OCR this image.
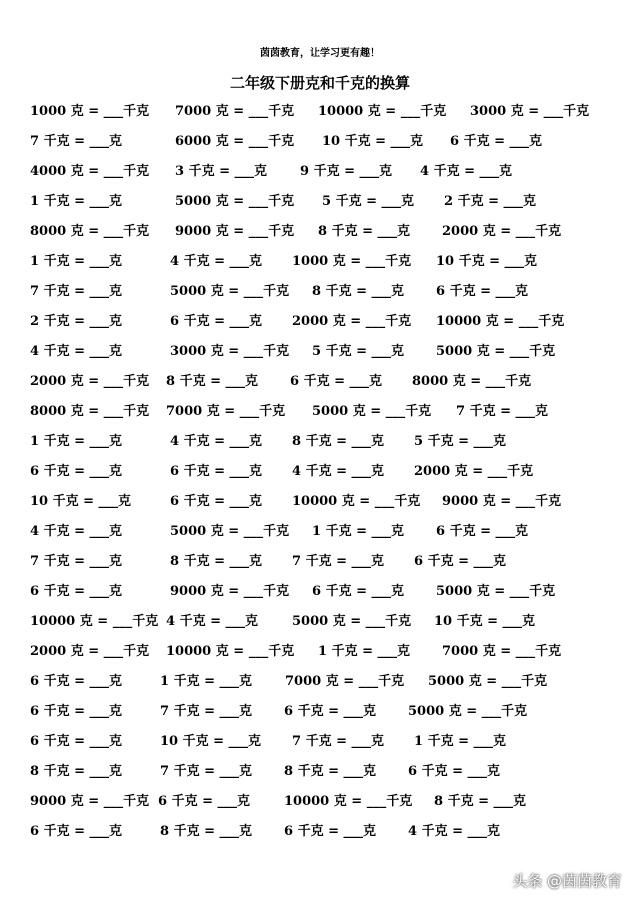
茵茵教育，让学习更有趣！
二年级下册克和千克的换算
1000 克 = ___千克 7000 克 = ___千克 10000 克 = ___千克 3000 克 = ___千克
7 千克 = ___克	6000 克 = ___千克 10 千克 = ___克 6 千克 = ___克
4000 克 = ___千克 3 千克 = ___克	9 千克 = ___克 4 千克 = ___克
1 千克 = ___克	5000 克 = ___千克 5 千克 = ___克 2 千克 = ___克
8000 克 = ___千克 9000 克 = ___千克 8 千克 = ___克 2000 克 = ___千克
1 千克 = ___克	4 千克 = ___克 1000 克 = ___千克 10 千克 = ___克
7 千克 = ___克	5000 克 = ___千克 8 千克 = ___克 6 千克 = ___克
2 千克 = ___克	6 千克 = ___克 2000 克 = ___千克 10000 克 = ___千克
4 千克 = ___克	3000 克 = ___千克 5 千克 = ___克 5000 克 = ___千克
2000 克 = ___千克 8 千克 = ___克 6 千克 = ___克 8000 克 = ___千克
8000 克 = ___千克 7000 克 = ___千克 5000 克 = ___千克 7 千克 = ___克
1 千克 = ___克	4 千克 = ___克 8 千克 = ___克 5 千克 = ___克
6 千克 = ___克	6 千克 = ___克 4 千克 = ___克 2000 克 = ___千克
10 千克 = ___克	6 千克 = ___克 10000 克 = ___千克 9000 克 = ___千克
4 千克 = ___克	5000 克 = ___千克 1 千克 = ___克 6 千克 = ___克
7 千克 = ___克	8 千克 = ___克 7 千克 = ___克 6 千克 = ___克
6 千克 = ___克	9000 克 = ___千克 6 千克 = ___克 5000 克 = ___千克
10000 克 = ___千克 4 千克 = ___克	5000 克 = ___千克 10 千克 = ___克
2000 克 = ___千克 10000 克 = ___千克 1 千克 = ___克 7000 克 = ___千克
6 千克 = ___克	1 千克 = ___克	7000 克 = ___千克 5000 克 = ___千克
6 千克 = ___克	7 千克 = ___克 6 千克 = ___克 5000 克 = ___千克
6 千克 = ___克	10 千克 = ___克 7 千克 = ___克 1 千克 = ___克
8 千克 = ___克	7 千克 = ___克 8 千克 = ___克 6 千克 = ___克
9000 克 = ___千克 6 千克 = ___克	10000 克 = ___千克 8 千克 = ___克
6 千克 = ___克	8 千克 = ___克 6 千克 = ___克 4 千克 = ___克
头条 @茵茵教育
